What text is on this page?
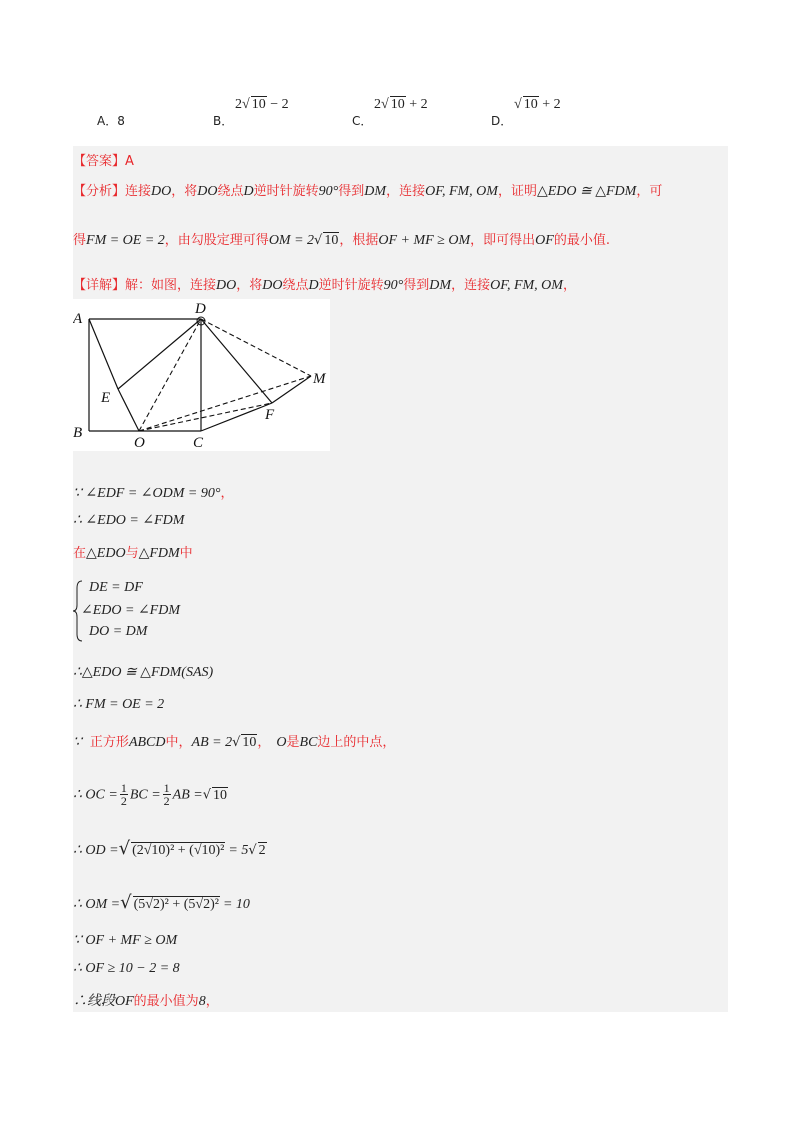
A．8	B．
2√ 10 − 2
C．
2√ 10 + 2
D．
√ 10 + 2
【答案】A
【分析】连接DO，将DO绕点D逆时针旋转90°得到DM，连接OF, FM, OM，证明△EDO ≅ △FDM，可
得FM = OE = 2，由勾股定理可得OM = 2√ 10，根据OF + MF ≥ OM，即可得出OF的最小值.
【详解】解：如图，连接DO，将DO绕点D逆时针旋转90°得到DM，连接OF, FM, OM，
A
B
C
D
E
F
M
O
∵ ∠EDF = ∠ODM = 90°，
∴ ∠EDO = ∠FDM
在△EDO与△FDM中
DE = DF
∠EDO = ∠FDM
DO = DM
∴△EDO ≅ △FDM(SAS)
∴ FM = OE = 2
∵ 正方形ABCD中，AB = 2√ 10， O是BC边上的中点，
∴ OC = $\frac{1}{2}$ BC = $\frac{1}{2}$ AB =√ 10
∴ OD =√ (2√10)² + (√10)² = 5√ 2
∴ OM =√ (5√2)² + (5√2)² = 10
∵ OF + MF ≥ OM
∴ OF ≥ 10 − 2 = 8
∴线段OF的最小值为8，
